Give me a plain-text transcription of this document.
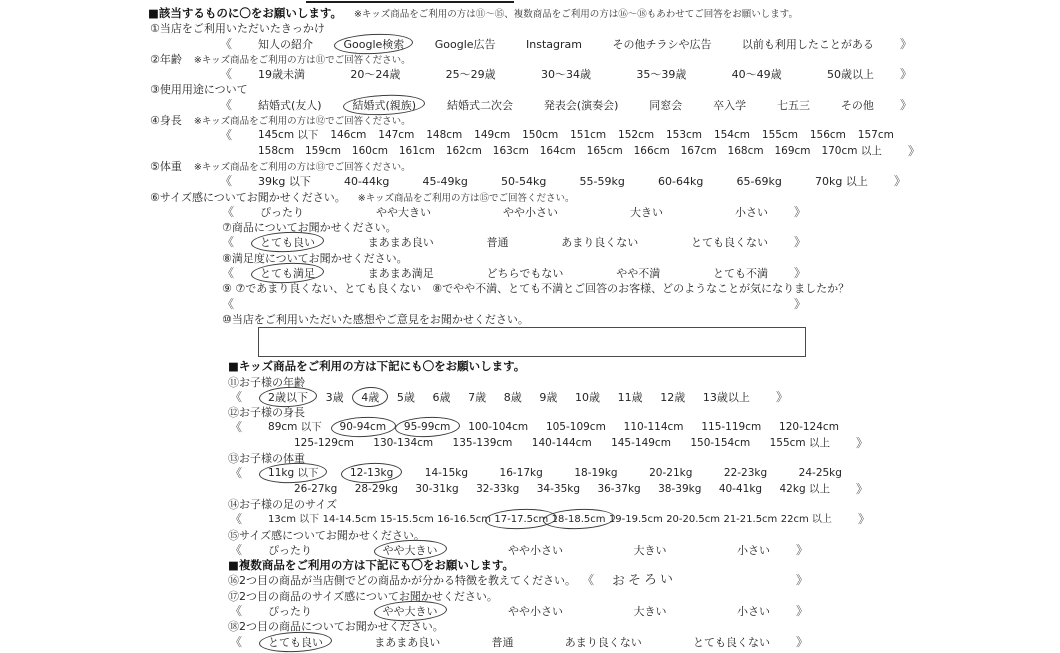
■該当するものに〇をお願いします。 ※キッズ商品をご利用の方は⑪～⑮、複数商品をご利用の方は⑯～⑱もあわせてご回答をお願いします。
①当店をご利用いただいたきっかけ
《 知人の紹介	Google検索	Google広告	Instagram	その他チラシや広告	以前も利用したことがある 》
②年齢 ※キッズ商品をご利用の方は⑪でご回答ください。
《 19歳未満	20～24歳	25～29歳	30～34歳	35～39歳	40～49歳	50歳以上 》
③使用用途について
《 結婚式(友人)	結婚式(親族)	結婚式二次会	発表会(演奏会)	同窓会	卒入学	七五三	その他 》
④身長 ※キッズ商品をご利用の方は⑫でご回答ください。
《 145cm 以下 146cm 147cm 148cm 149cm 150cm 151cm 152cm 153cm 154cm 155cm 156cm 157cm
158cm 159cm 160cm 161cm 162cm 163cm 164cm 165cm 166cm 167cm 168cm 169cm 170cm 以上 》
⑤体重 ※キッズ商品をご利用の方は⑬でご回答ください。
《 39kg 以下	40-44kg	45-49kg	50-54kg	55-59kg	60-64kg	65-69kg	70kg 以上 》
⑥サイズ感についてお聞かせください。 ※キッズ商品をご利用の方は⑮でご回答ください。
《 ぴったり	やや大きい	やや小さい	大きい	小さい 》
⑦商品についてお聞かせください。
《 とても良い	まあまあ良い	普通	あまり良くない	とても良くない 》
⑧満足度についてお聞かせください。
《 とても満足	まあまあ満足	どちらでもない	やや不満	とても不満 》
⑨ ⑦であまり良くない、とても良くない　⑧でやや不満、とても不満とご回答のお客様、どのようなことが気になりましたか？
《	》
⑩当店をご利用いただいた感想やご意見をお聞かせください。
■キッズ商品をご利用の方は下記にも〇をお願いします。
⑪お子様の年齢
《 2歳以下 3歳 4歳 5歳 6歳 7歳 8歳 9歳 10歳 11歳 12歳 13歳以上 》
⑫お子様の身長
《 89cm 以下 90-94cm 95-99cm 100-104cm 105-109cm 110-114cm 115-119cm 120-124cm
125-129cm 130-134cm 135-139cm 140-144cm 145-149cm 150-154cm 155cm 以上 》
⑬お子様の体重
《 11kg 以下	12-13kg	14-15kg	16-17kg	18-19kg	20-21kg	22-23kg	24-25kg
26-27kg 28-29kg 30-31kg 32-33kg 34-35kg 36-37kg 38-39kg 40-41kg 42kg 以上 》
⑭お子様の足のサイズ
《	13cm 以下 14-14.5cm 15-15.5cm 16-16.5cm 17-17.5cm 18-18.5cm 19-19.5cm 20-20.5cm 21-21.5cm 22cm 以上 》
⑮サイズ感についてお聞かせください。
《 ぴったり	やや大きい	やや小さい	大きい	小さい 》
■複数商品をご利用の方は下記にも〇をお願いします。
⑯2つ目の商品が当店側でどの商品かが分かる特徴を教えてください。 《 おそろい	》
⑰2つ目の商品のサイズ感についてお聞かせください。
《 ぴったり	やや大きい	やや小さい	大きい	小さい 》
⑱2つ目の商品についてお聞かせください。
《 とても良い	まあまあ良い	普通	あまり良くない	とても良くない 》
